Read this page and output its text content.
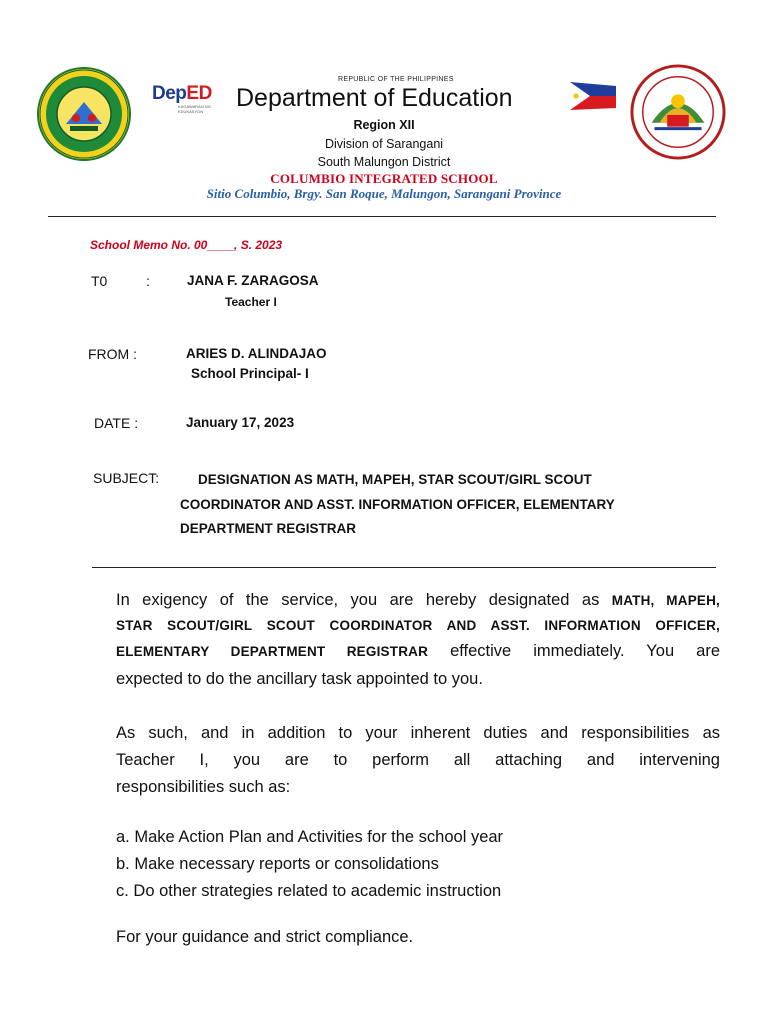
DepED
KAGAWARAN NG EDUKASYON
REPUBLIC OF THE PHILIPPINES
Department of Education
Region XII
Division of Sarangani
South Malungon District
COLUMBIO INTEGRATED SCHOOL
Sitio Columbio, Brgy. San Roque, Malungon, Sarangani Province
School Memo No. 00____, S. 2023
T0	:	JANA F. ZARAGOSA
Teacher I
FROM :	ARIES D. ALINDAJAO
School Principal- I
DATE :	January 17, 2023
SUBJECT:	DESIGNATION AS MATH, MAPEH, STAR SCOUT/GIRL SCOUT
COORDINATOR AND ASST. INFORMATION OFFICER, ELEMENTARY
DEPARTMENT REGISTRAR
In exigency of the service, you are hereby designated as MATH, MAPEH,
STAR SCOUT/GIRL SCOUT COORDINATOR AND ASST. INFORMATION OFFICER,
ELEMENTARY DEPARTMENT REGISTRAR effective immediately. You are
expected to do the ancillary task appointed to you.
As such, and in addition to your inherent duties and responsibilities as
Teacher I, you are to perform all attaching and intervening
responsibilities such as:
a. Make Action Plan and Activities for the school year
b. Make necessary reports or consolidations
c. Do other strategies related to academic instruction
For your guidance and strict compliance.
